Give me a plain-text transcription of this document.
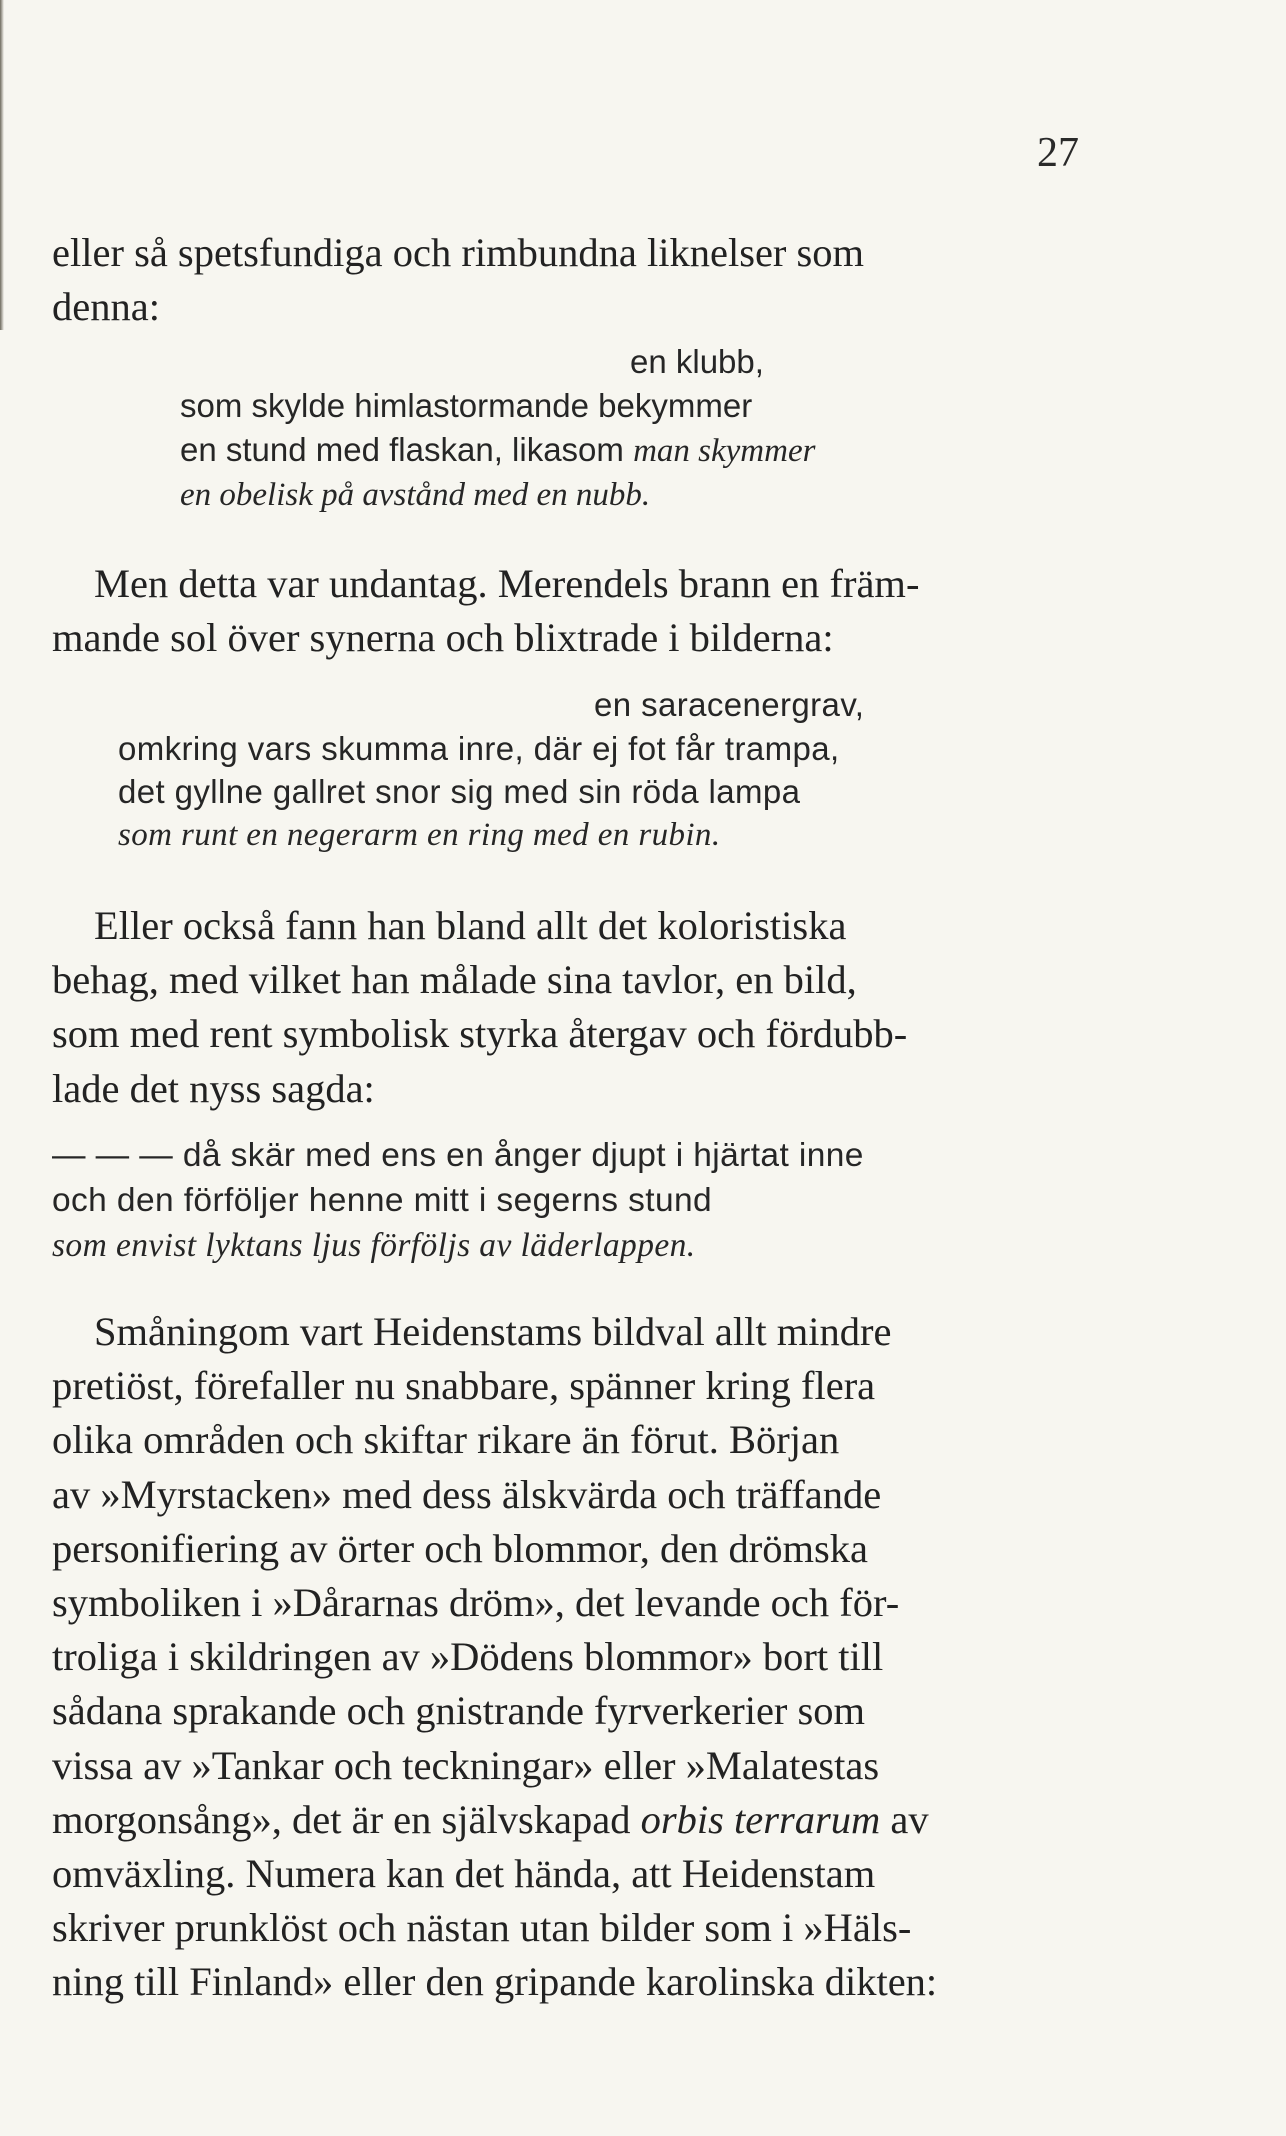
27

eller så spetsfundiga och rimbundna liknelser som
denna:

en klubb,
som skylde himlastormande bekymmer
en stund med flaskan, likasom man skymmer
en obelisk på avstånd med en nubb.

Men detta var undantag. Merendels brann en främ-
mande sol över synerna och blixtrade i bilderna:

en saracenergrav,
omkring vars skumma inre, där ej fot får trampa,
det gyllne gallret snor sig med sin röda lampa
som runt en negerarm en ring med en rubin.

Eller också fann han bland allt det koloristiska
behag, med vilket han målade sina tavlor, en bild,
som med rent symbolisk styrka återgav och fördubb-
lade det nyss sagda:

— — — då skär med ens en ånger djupt i hjärtat inne
och den förföljer henne mitt i segerns stund
som envist lyktans ljus förföljs av läderlappen.

Småningom vart Heidenstams bildval allt mindre
pretiöst, förefaller nu snabbare, spänner kring flera
olika områden och skiftar rikare än förut. Början
av »Myrstacken» med dess älskvärda och träffande
personifiering av örter och blommor, den drömska
symboliken i »Dårarnas dröm», det levande och för-
troliga i skildringen av »Dödens blommor» bort till
sådana sprakande och gnistrande fyrverkerier som
vissa av »Tankar och teckningar» eller »Malatestas
morgonsång», det är en självskapad orbis terrarum av
omväxling. Numera kan det hända, att Heidenstam
skriver prunklöst och nästan utan bilder som i »Häls-
ning till Finland» eller den gripande karolinska dikten:
